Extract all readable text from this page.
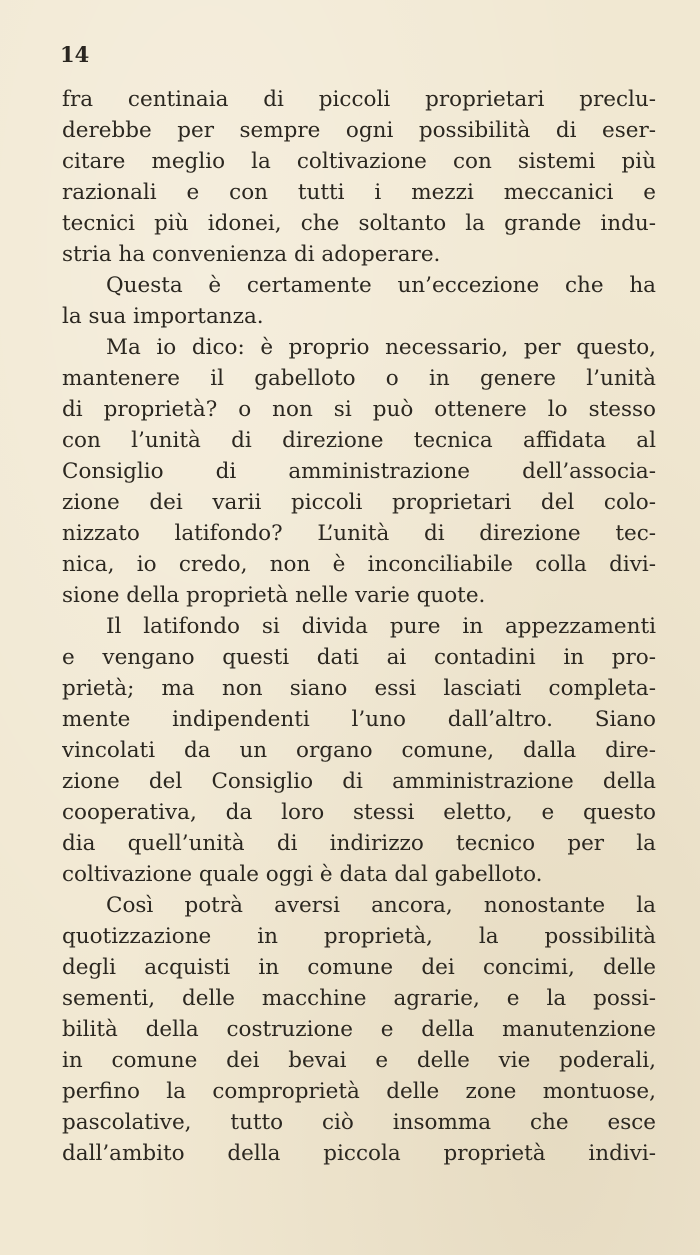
14

fra centinaia di piccoli proprietari preclu-
derebbe per sempre ogni possibilità di eser-
citare meglio la coltivazione con sistemi più
razionali e con tutti i mezzi meccanici e
tecnici più idonei, che soltanto la grande indu-
stria ha convenienza di adoperare.
Questa è certamente un’eccezione che ha
la sua importanza.
Ma io dico: è proprio necessario, per questo,
mantenere il gabelloto o in genere l’unità
di proprietà? o non si può ottenere lo stesso
con l’unità di direzione tecnica affidata al
Consiglio di amministrazione dell’associa-
zione dei varii piccoli proprietari del colo-
nizzato latifondo? L’unità di direzione tec-
nica, io credo, non è inconciliabile colla divi-
sione della proprietà nelle varie quote.
Il latifondo si divida pure in appezzamenti
e vengano questi dati ai contadini in pro-
prietà; ma non siano essi lasciati completa-
mente indipendenti l’uno dall’altro. Siano
vincolati da un organo comune, dalla dire-
zione del Consiglio di amministrazione della
cooperativa, da loro stessi eletto, e questo
dia quell’unità di indirizzo tecnico per la
coltivazione quale oggi è data dal gabelloto.
Così potrà aversi ancora, nonostante la
quotizzazione in proprietà, la possibilità
degli acquisti in comune dei concimi, delle
sementi, delle macchine agrarie, e la possi-
bilità della costruzione e della manutenzione
in comune dei bevai e delle vie poderali,
perfino la comproprietà delle zone montuose,
pascolative, tutto ciò insomma che esce
dall’ambito della piccola proprietà indivi-
